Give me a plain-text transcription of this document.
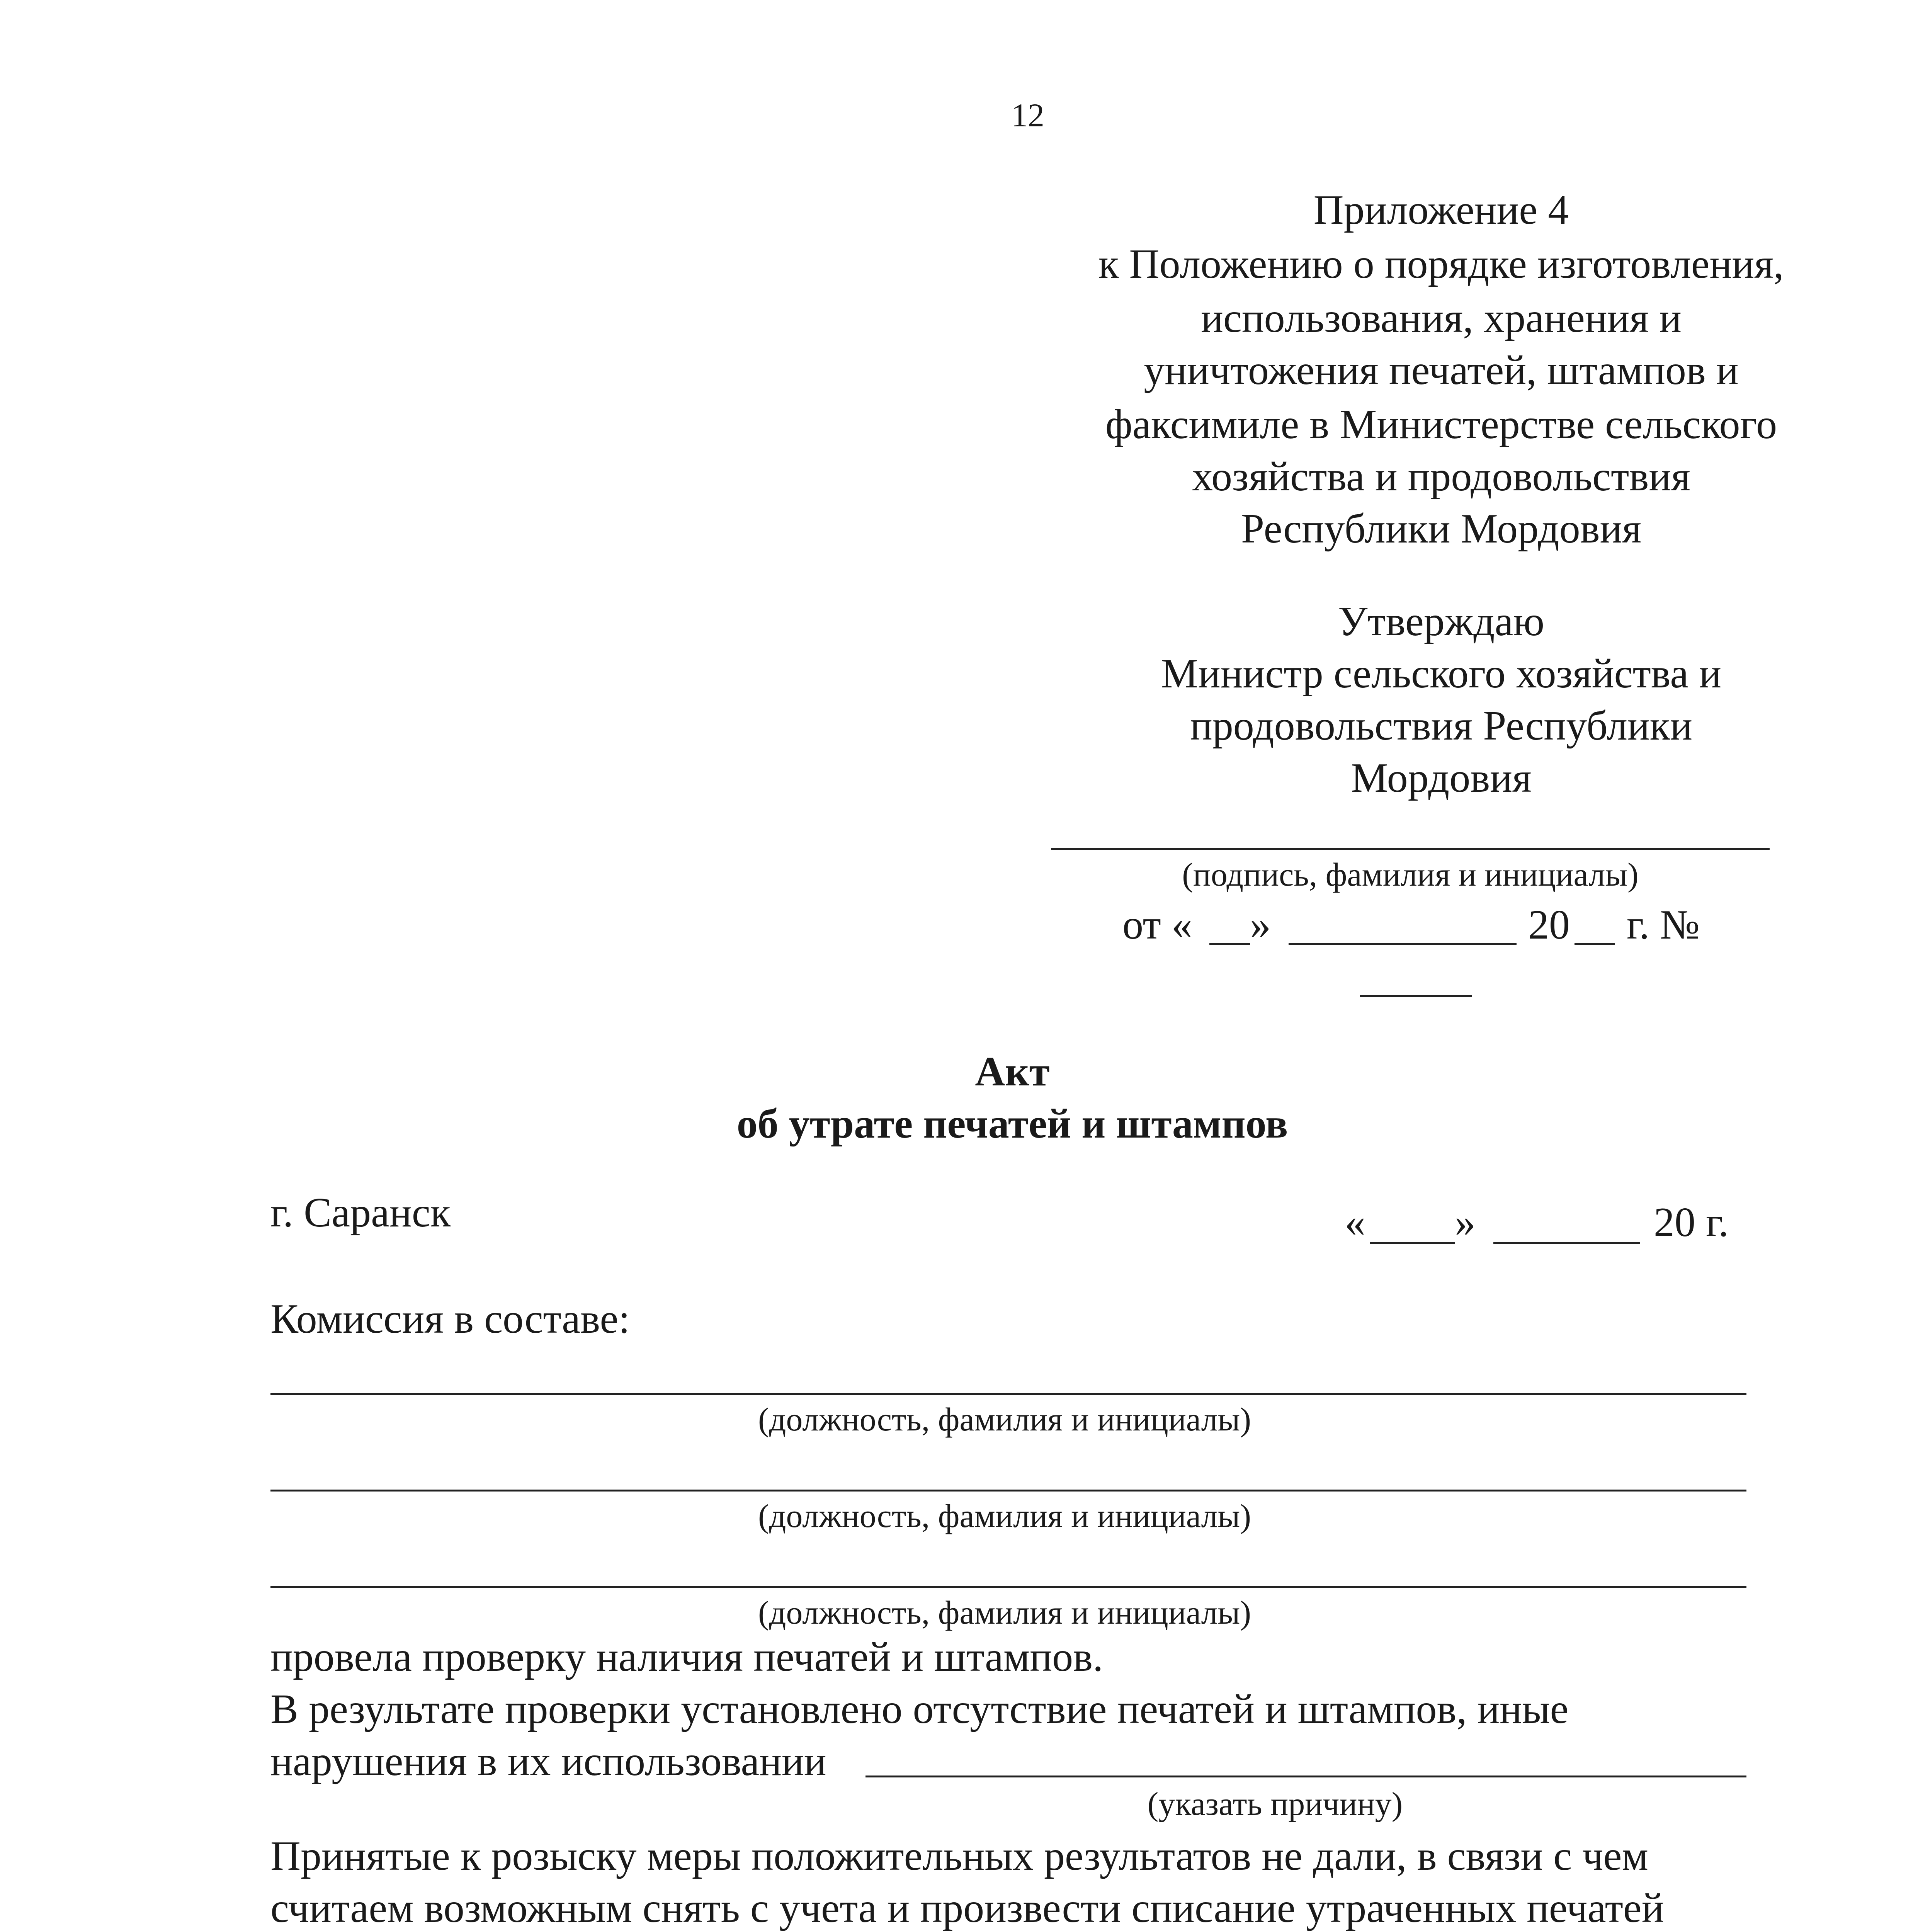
12
Приложение 4
к Положению о порядке изготовления,
использования, хранения и
уничтожения печатей, штампов и
факсимиле в Министерстве сельского
хозяйства и продовольствия
Республики Мордовия
Утверждаю
Министр сельского хозяйства и
продовольствия Республики
Мордовия
(подпись, фамилия и инициалы)
от « »	20 г. №
Акт
об утрате печатей и штампов
г. Саранск	« »	20 г.
Комиссия в составе:
(должность, фамилия и инициалы)
(должность, фамилия и инициалы)
(должность, фамилия и инициалы)
провела проверку наличия печатей и штампов.
В результате проверки установлено отсутствие печатей и штампов, иные
нарушения в их использовании
(указать причину)
Принятые к розыску меры положительных результатов не дали, в связи с чем
считаем возможным снять с учета и произвести списание утраченных печатей
